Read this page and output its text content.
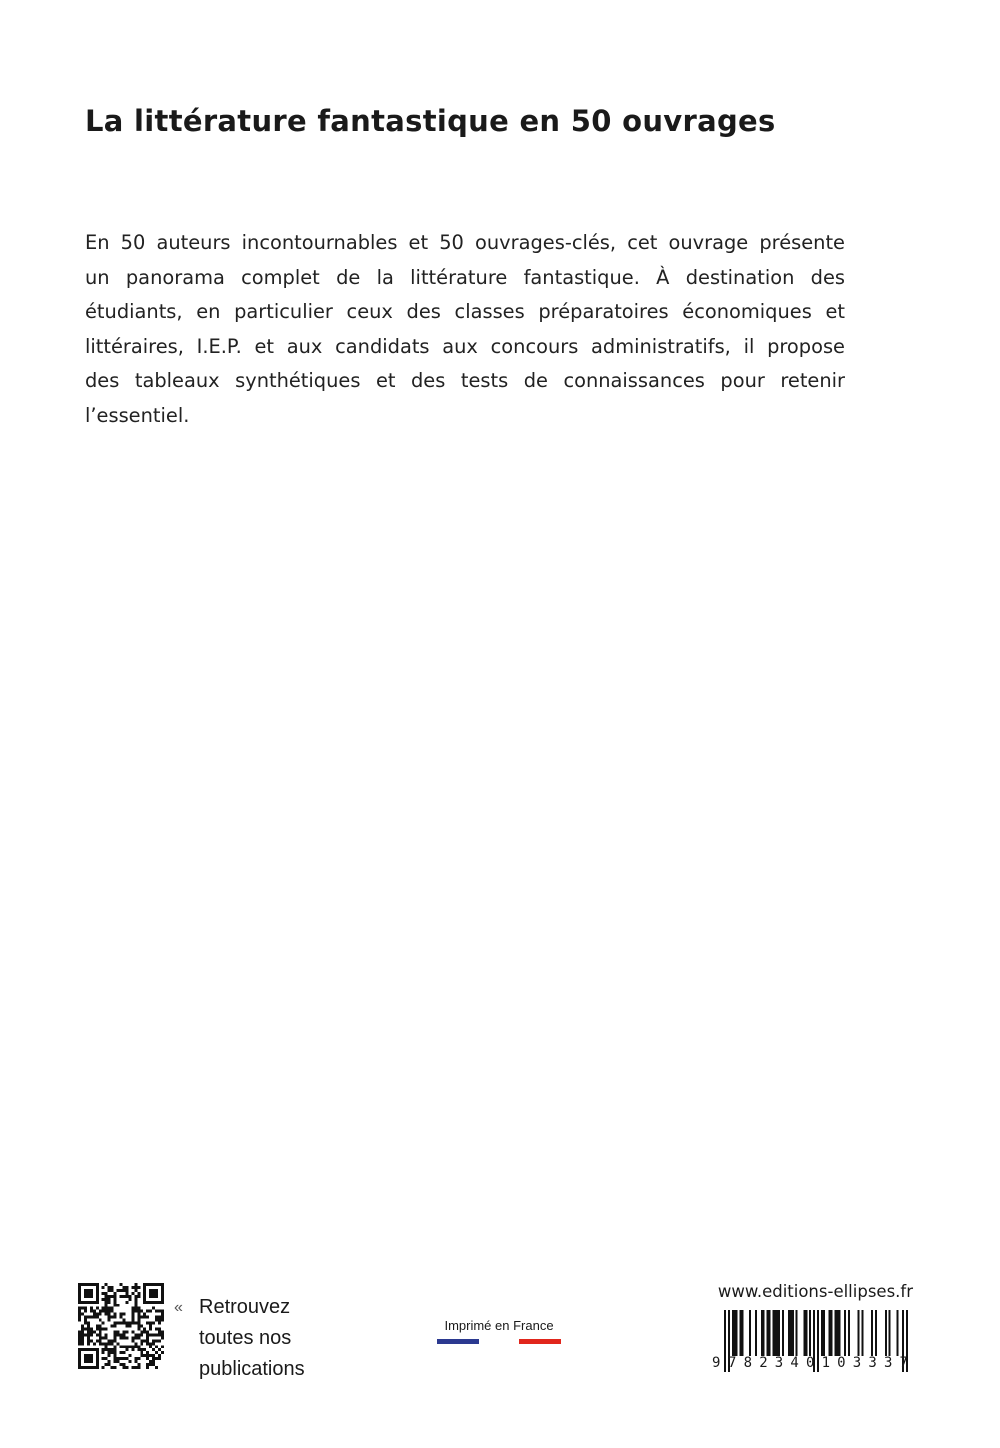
La littérature fantastique en 50 ouvrages

En 50 auteurs incontournables et 50 ouvrages-clés, cet ouvrage présente
un panorama complet de la littérature fantastique. À destination des
étudiants, en particulier ceux des classes préparatoires économiques et
littéraires, I.E.P. et aux candidats aux concours administratifs, il propose
des tableaux synthétiques et des tests de connaissances pour retenir
l’essentiel.

« Retrouvez
toutes nos
publications
Imprimé en France
www.editions-ellipses.fr
9 7 8 2 3 4 0 1 0 3 3 3 7
